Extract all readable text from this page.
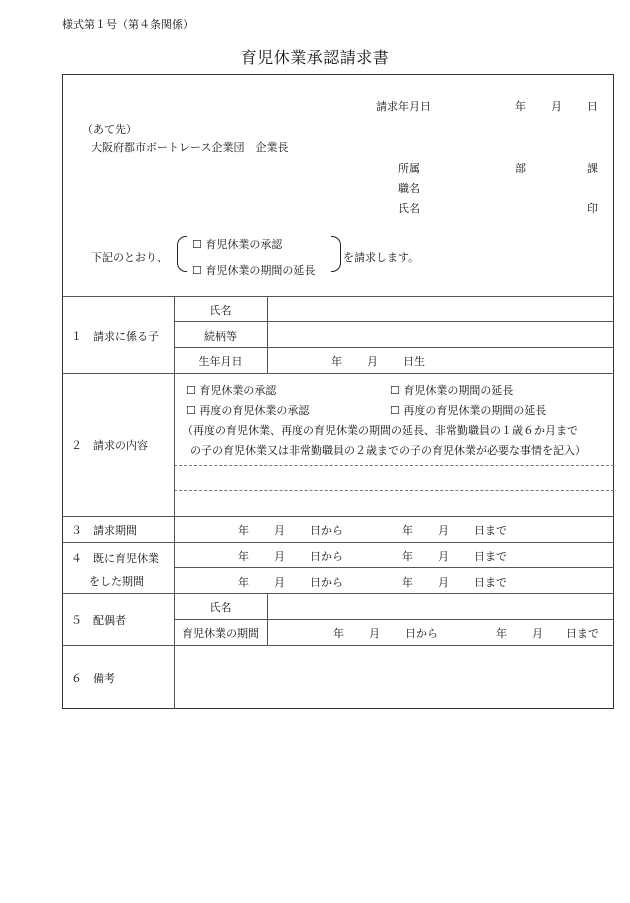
様式第１号（第４条関係）
育児休業承認請求書
請求年月日	年 月 日
（あて先）
大阪府都市ボートレース企業団　企業長
所属	部	課
職名
氏名	印
下記のとおり、
☐ 育児休業の承認
☐ 育児休業の期間の延長
を請求します。
１　請求に係る子
氏名
続柄等
生年月日	年 月 日生
２　請求の内容
☐ 育児休業の承認	☐ 育児休業の期間の延長
☐ 再度の育児休業の承認	☐ 再度の育児休業の期間の延長
（再度の育児休業、再度の育児休業の期間の延長、非常勤職員の１歳６か月まで
の子の育児休業又は非常勤職員の２歳までの子の育児休業が必要な事情を記入）
３　請求期間	年 月 日から	年 月 日まで
４　既に育児休業
をした期間
年 月 日から	年 月 日まで
年 月 日から	年 月 日まで
５　配偶者
氏名
育児休業の期間	年 月 日から	年 月 日まで
６　備考
